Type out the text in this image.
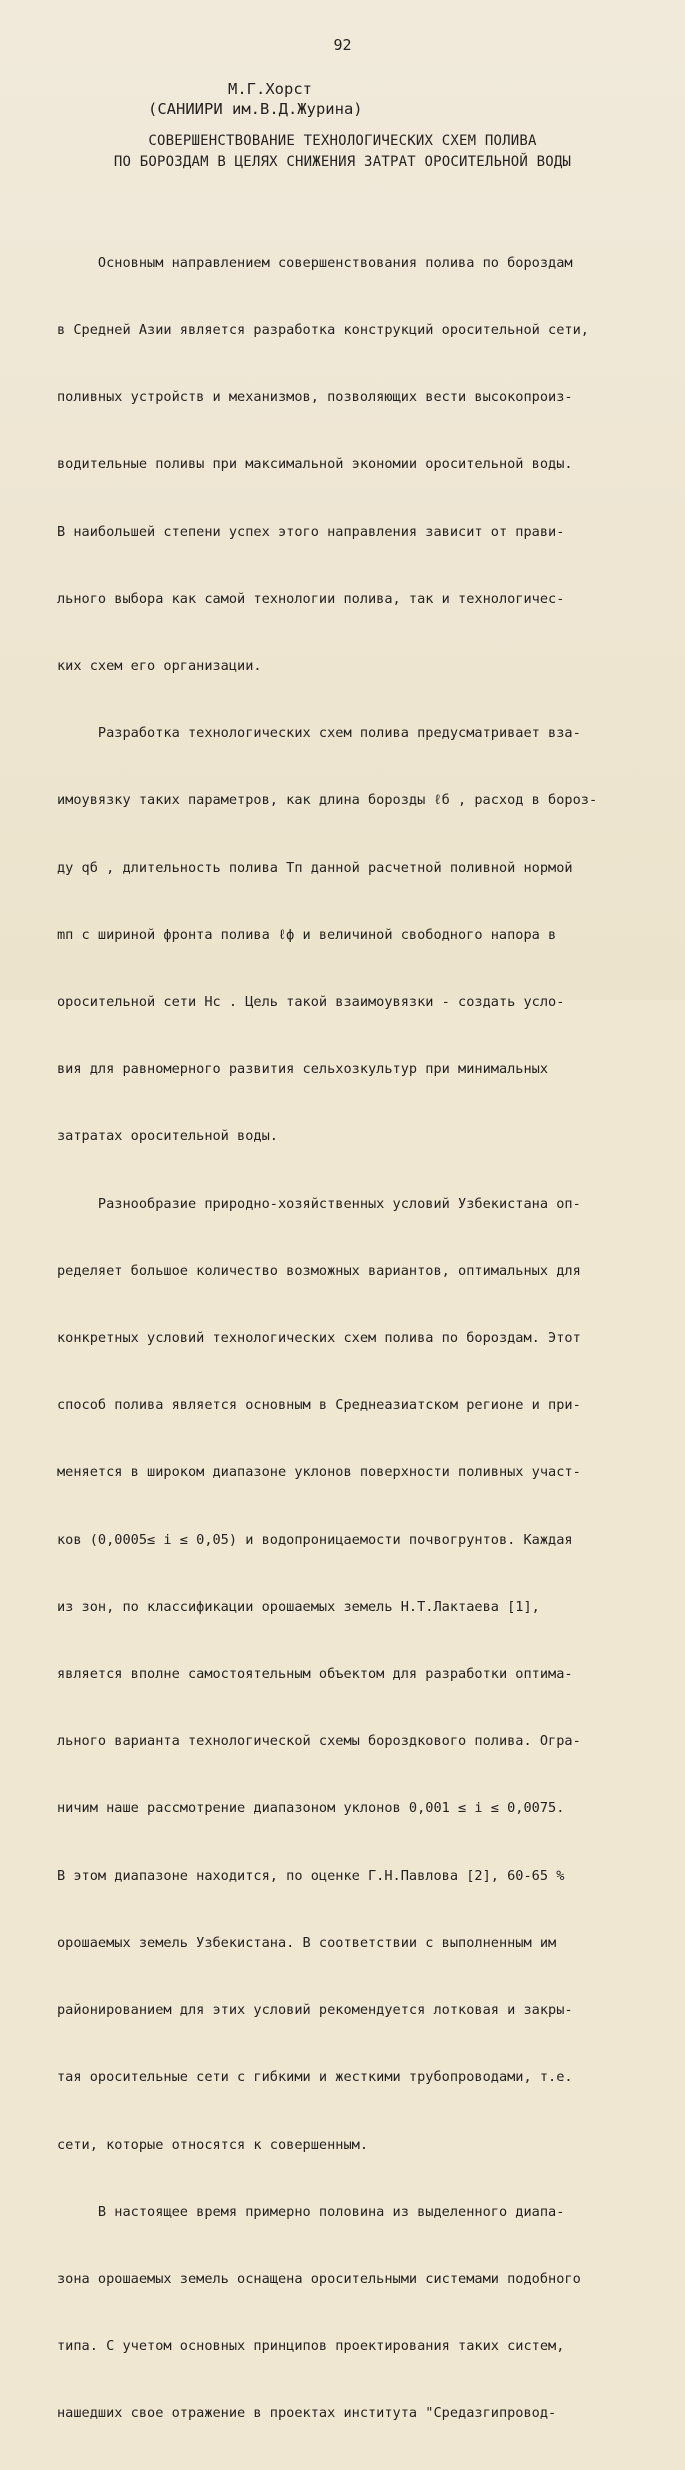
92
М.Г.Хорст
(САНИИРИ им.В.Д.Журина)
СОВЕРШЕНСТВОВАНИЕ ТЕХНОЛОГИЧЕСКИХ СХЕМ ПОЛИВА
ПО БОРОЗДАМ В ЦЕЛЯХ СНИЖЕНИЯ ЗАТРАТ ОРОСИТЕЛЬНОЙ ВОДЫ

Основным направлением совершенствования полива по бороздам

в Средней Азии является разработка конструкций оросительной сети,

поливных устройств и механизмов, позволяющих вести высокопроиз-

водительные поливы при максимальной экономии оросительной воды.

В наибольшей степени успех этого направления зависит от прави-

льного выбора как самой технологии полива, так и технологичес-

ких схем его организации.

Разработка технологических схем полива предусматривает вза-

имоувязку таких параметров, как длина борозды ℓб , расход в бороз-

ду qб , длительность полива Tп данной расчетной поливной нормой

mп с шириной фронта полива ℓф и величиной свободного напора в

оросительной сети Hс . Цель такой взаимоувязки - создать усло-

вия для равномерного развития сельхозкультур при минимальных

затратах оросительной воды.

Разнообразие природно-хозяйственных условий Узбекистана оп-

ределяет большое количество возможных вариантов, оптимальных для

конкретных условий технологических схем полива по бороздам. Этот

способ полива является основным в Среднеазиатском регионе и при-

меняется в широком диапазоне уклонов поверхности поливных участ-

ков (0,0005≤ i ≤ 0,05) и водопроницаемости почвогрунтов. Каждая

из зон, по классификации орошаемых земель Н.Т.Лактаева [1],

является вполне самостоятельным объектом для разработки оптима-

льного варианта технологической схемы бороздкового полива. Огра-

ничим наше рассмотрение диапазоном уклонов 0,001 ≤ i ≤ 0,0075.

В этом диапазоне находится, по оценке Г.Н.Павлова [2], 60-65 %

орошаемых земель Узбекистана. В соответствии с выполненным им

районированием для этих условий рекомендуется лотковая и закры-

тая оросительные сети с гибкими и жесткими трубопроводами, т.е.

сети, которые относятся к совершенным.

В настоящее время примерно половина из выделенного диапа-

зона орошаемых земель оснащена оросительными системами подобного

типа. С учетом основных принципов проектирования таких систем,

нашедших свое отражение в проектах института "Средазгипровод-
